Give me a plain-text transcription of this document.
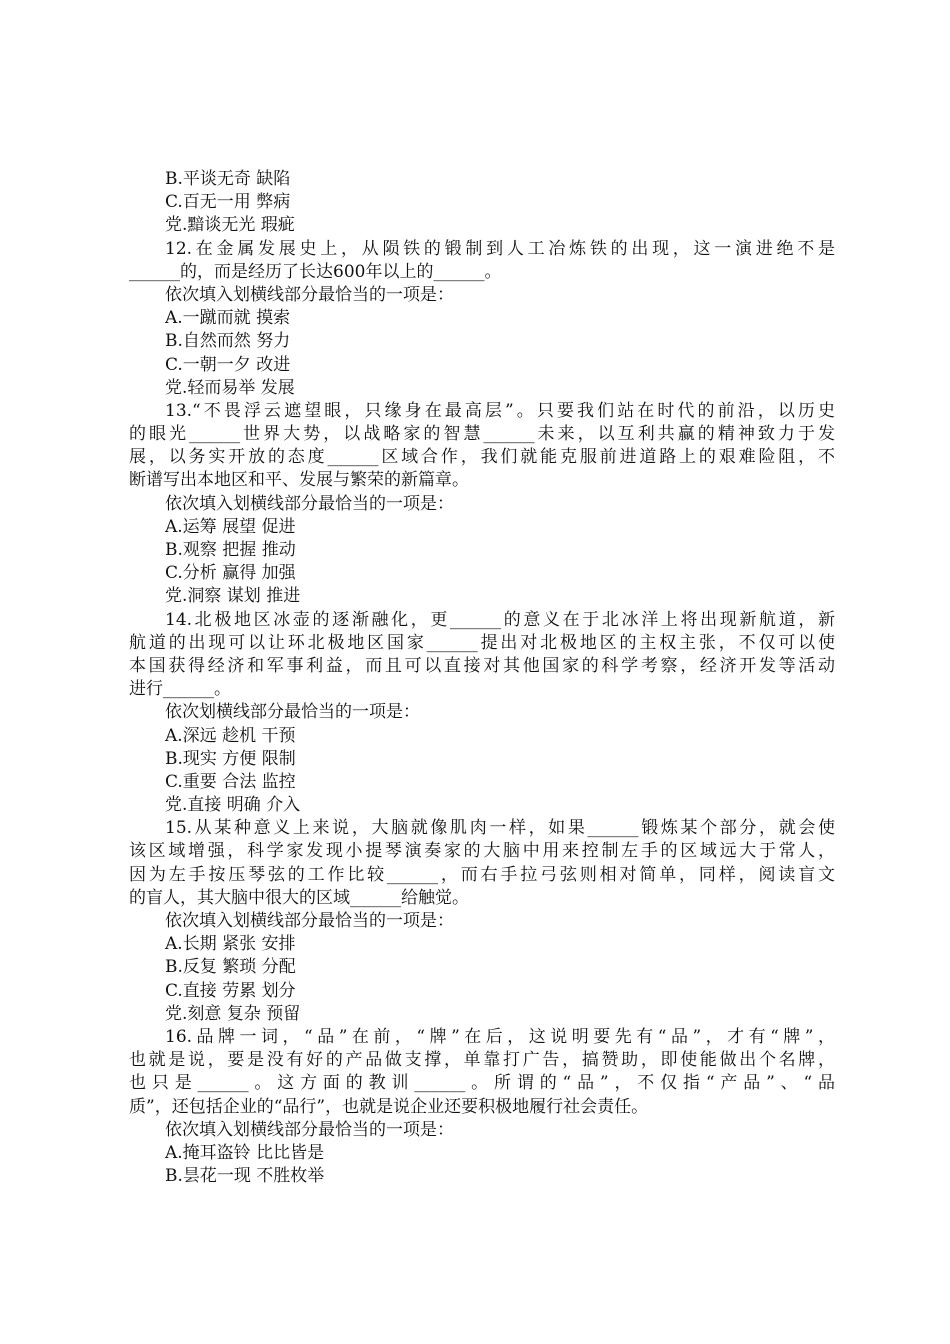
B.平谈无奇 缺陷
C.百无一用 弊病
党.黯谈无光 瑕疵
12.在金属发展史上，从陨铁的锻制到人工冶炼铁的出现，这一演进绝不是
______的，而是经历了长达600年以上的______。
依次填入划横线部分最恰当的一项是：
A.一蹴而就 摸索
B.自然而然 努力
C.一朝一夕 改进
党.轻而易举 发展
13.“不畏浮云遮望眼，只缘身在最高层”。只要我们站在时代的前沿，以历史
的眼光______世界大势，以战略家的智慧______未来，以互利共赢的精神致力于发
展，以务实开放的态度______区域合作，我们就能克服前进道路上的艰难险阻，不
断谱写出本地区和平、发展与繁荣的新篇章。
依次填入划横线部分最恰当的一项是：
A.运筹 展望 促进
B.观察 把握 推动
C.分析 赢得 加强
党.洞察 谋划 推进
14.北极地区冰壶的逐渐融化，更______的意义在于北冰洋上将出现新航道，新
航道的出现可以让环北极地区国家______提出对北极地区的主权主张，不仅可以使
本国获得经济和军事利益，而且可以直接对其他国家的科学考察，经济开发等活动
进行______。
依次划横线部分最恰当的一项是：
A.深远 趁机 干预
B.现实 方便 限制
C.重要 合法 监控
党.直接 明确 介入
15.从某种意义上来说，大脑就像肌肉一样，如果______锻炼某个部分，就会使
该区域增强，科学家发现小提琴演奏家的大脑中用来控制左手的区域远大于常人，
因为左手按压琴弦的工作比较______，而右手拉弓弦则相对简单，同样，阅读盲文
的盲人，其大脑中很大的区域______给触觉。
依次填入划横线部分最恰当的一项是：
A.长期 紧张 安排
B.反复 繁琐 分配
C.直接 劳累 划分
党.刻意 复杂 预留
16.品牌一词，“品”在前，“牌”在后，这说明要先有“品”，才有“牌”，
也就是说，要是没有好的产品做支撑，单靠打广告，搞赞助，即使能做出个名牌，
也只是______。这方面的教训______。所谓的“品”，不仅指“产品”、“品
质”，还包括企业的“品行”，也就是说企业还要积极地履行社会责任。
依次填入划横线部分最恰当的一项是：
A.掩耳盗铃 比比皆是
B.昙花一现 不胜枚举
